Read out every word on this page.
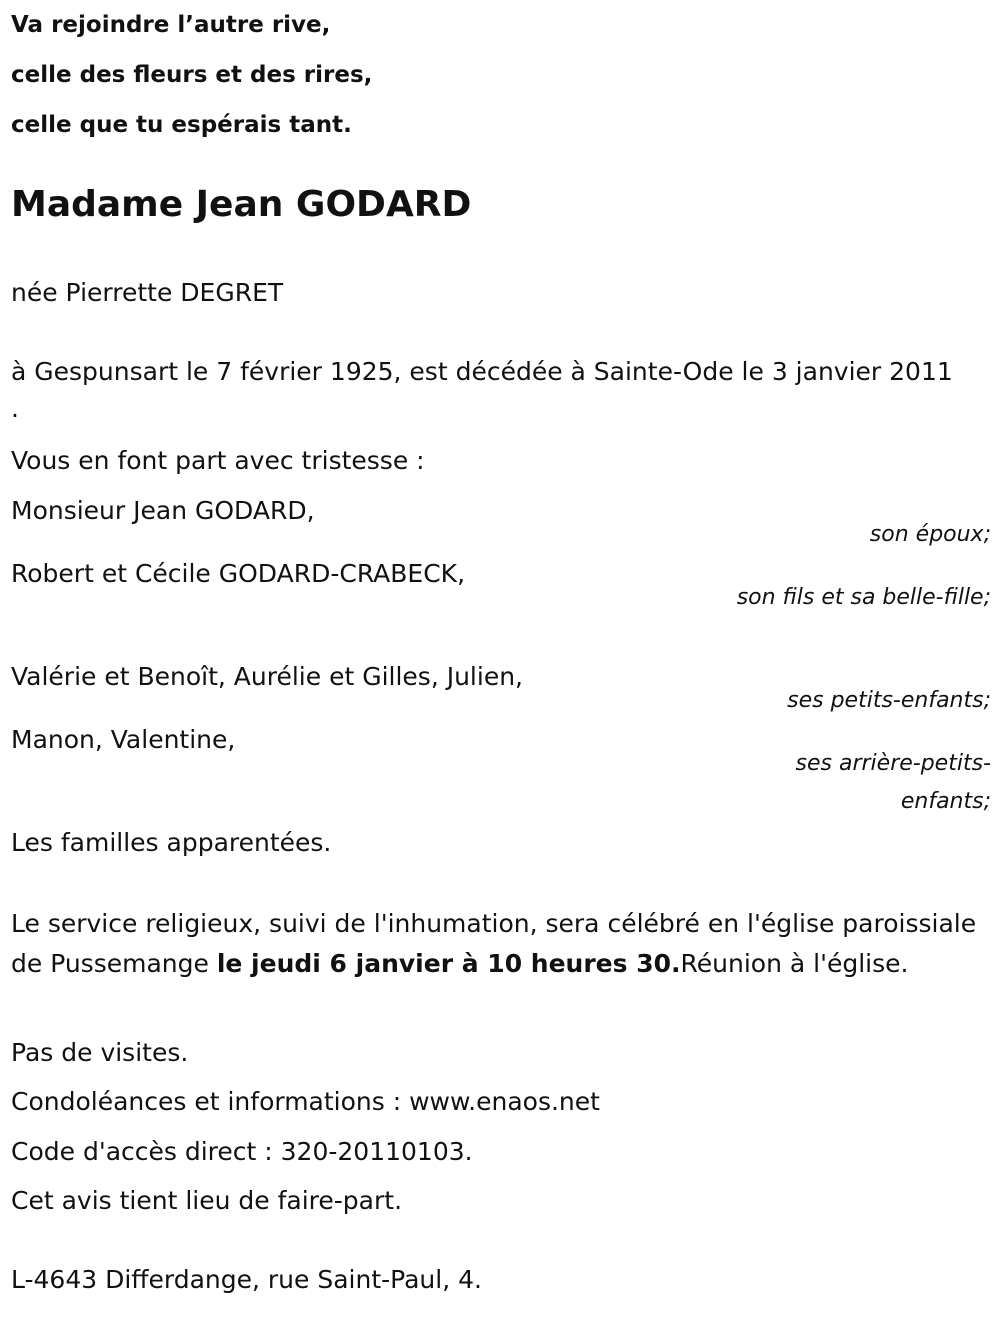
Va rejoindre l’autre rive,

celle des fleurs et des rires,

celle que tu espérais tant.

Madame Jean GODARD

née Pierrette DEGRET

à Gespunsart le 7 février 1925, est décédée à Sainte-Ode le 3 janvier 2011

.

Vous en font part avec tristesse :

Monsieur Jean GODARD,

son époux;

Robert et Cécile GODARD-CRABECK,

son fils et sa belle-fille;

Valérie et Benoît, Aurélie et Gilles, Julien,

ses petits-enfants;

Manon, Valentine,

ses arrière-petits-enfants;

Les familles apparentées.

Le service religieux, suivi de l'inhumation, sera célébré en l'église paroissiale de Pussemange le jeudi 6 janvier à 10 heures 30.Réunion à l'église.

Pas de visites.

Condoléances et informations : www.enaos.net

Code d'accès direct : 320-20110103.

Cet avis tient lieu de faire-part.

L-4643 Differdange, rue Saint-Paul, 4.
